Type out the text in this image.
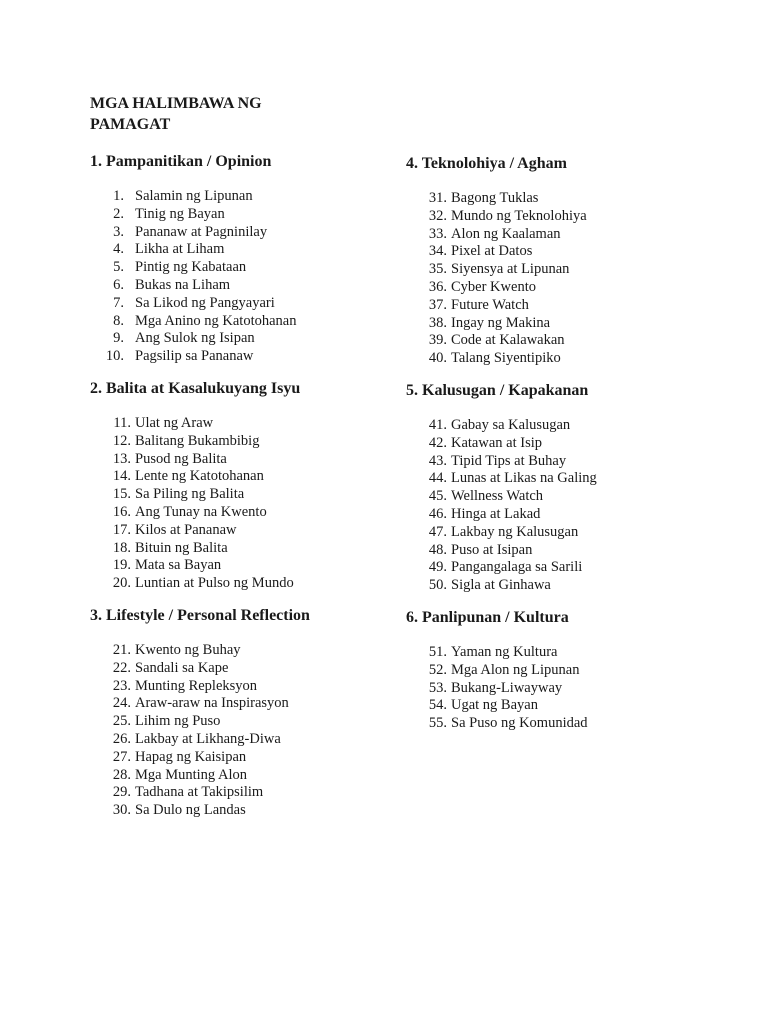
MGA HALIMBAWA NG
PAMAGAT
1. Pampanitikan / Opinion
1. Salamin ng Lipunan
2. Tinig ng Bayan
3. Pananaw at Pagninilay
4. Likha at Liham
5. Pintig ng Kabataan
6. Bukas na Liham
7. Sa Likod ng Pangyayari
8. Mga Anino ng Katotohanan
9. Ang Sulok ng Isipan
10. Pagsilip sa Pananaw
2. Balita at Kasalukuyang Isyu
11. Ulat ng Araw
12. Balitang Bukambibig
13. Pusod ng Balita
14. Lente ng Katotohanan
15. Sa Piling ng Balita
16. Ang Tunay na Kwento
17. Kilos at Pananaw
18. Bituin ng Balita
19. Mata sa Bayan
20. Luntian at Pulso ng Mundo
3. Lifestyle / Personal Reflection
21. Kwento ng Buhay
22. Sandali sa Kape
23. Munting Repleksyon
24. Araw-araw na Inspirasyon
25. Lihim ng Puso
26. Lakbay at Likhang-Diwa
27. Hapag ng Kaisipan
28. Mga Munting Alon
29. Tadhana at Takipsilim
30. Sa Dulo ng Landas
4. Teknolohiya / Agham
31. Bagong Tuklas
32. Mundo ng Teknolohiya
33. Alon ng Kaalaman
34. Pixel at Datos
35. Siyensya at Lipunan
36. Cyber Kwento
37. Future Watch
38. Ingay ng Makina
39. Code at Kalawakan
40. Talang Siyentipiko
5. Kalusugan / Kapakanan
41. Gabay sa Kalusugan
42. Katawan at Isip
43. Tipid Tips at Buhay
44. Lunas at Likas na Galing
45. Wellness Watch
46. Hinga at Lakad
47. Lakbay ng Kalusugan
48. Puso at Isipan
49. Pangangalaga sa Sarili
50. Sigla at Ginhawa
6. Panlipunan / Kultura
51. Yaman ng Kultura
52. Mga Alon ng Lipunan
53. Bukang-Liwayway
54. Ugat ng Bayan
55. Sa Puso ng Komunidad
